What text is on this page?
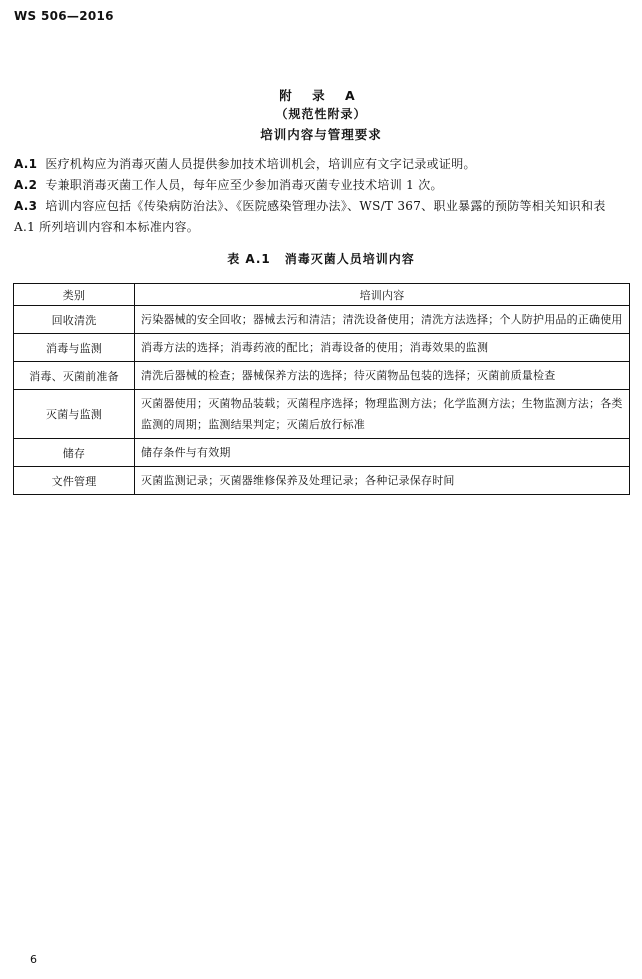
WS 506—2016
附 录 A
（规范性附录）
培训内容与管理要求
A.1 医疗机构应为消毒灭菌人员提供参加技术培训机会，培训应有文字记录或证明。
A.2 专兼职消毒灭菌工作人员，每年应至少参加消毒灭菌专业技术培训 1 次。
A.3 培训内容应包括《传染病防治法》、《医院感染管理办法》、WS/T 367、职业暴露的预防等相关知识和表 A.1 所列培训内容和本标准内容。
表 A.1 消毒灭菌人员培训内容
类别	培训内容
回收清洗	污染器械的安全回收；器械去污和清洁；清洗设备使用；清洗方法选择；个人防护用品的正确使用
消毒与监测	消毒方法的选择；消毒药液的配比；消毒设备的使用；消毒效果的监测
消毒、灭菌前准备	清洗后器械的检查；器械保养方法的选择；待灭菌物品包装的选择；灭菌前质量检查
灭菌与监测	灭菌器使用；灭菌物品装载；灭菌程序选择；物理监测方法；化学监测方法；生物监测方法；各类监测的周期；监测结果判定；灭菌后放行标准
储存	储存条件与有效期
文件管理	灭菌监测记录；灭菌器维修保养及处理记录；各种记录保存时间
6
